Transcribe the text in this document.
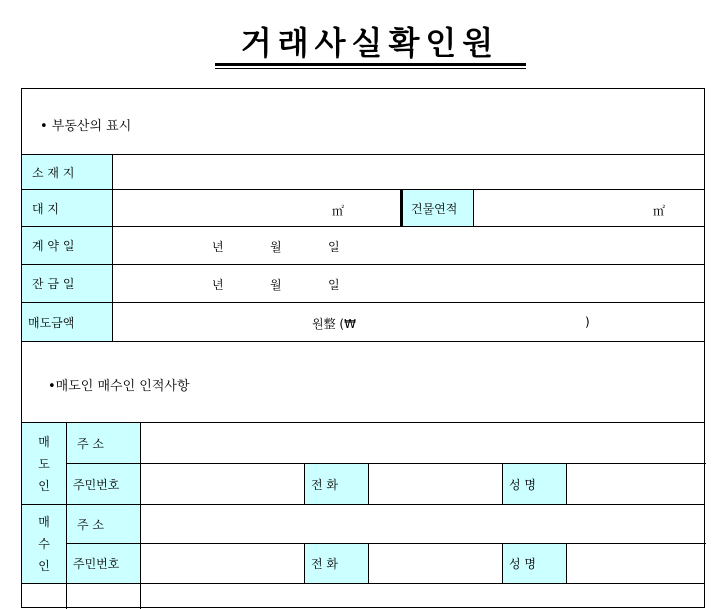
거래사실확인원
• 부동산의 표시
소 재 지
대 지	㎡	건물연적	㎡
계 약 일	년	월	일
잔 금 일	년	월	일
매도금액	원整 (₩	)
•매도인 매수인 인적사항
매
도
인
주 소
주민번호	전 화	성 명
매
수
인
주 소
주민번호	전 화	성 명
